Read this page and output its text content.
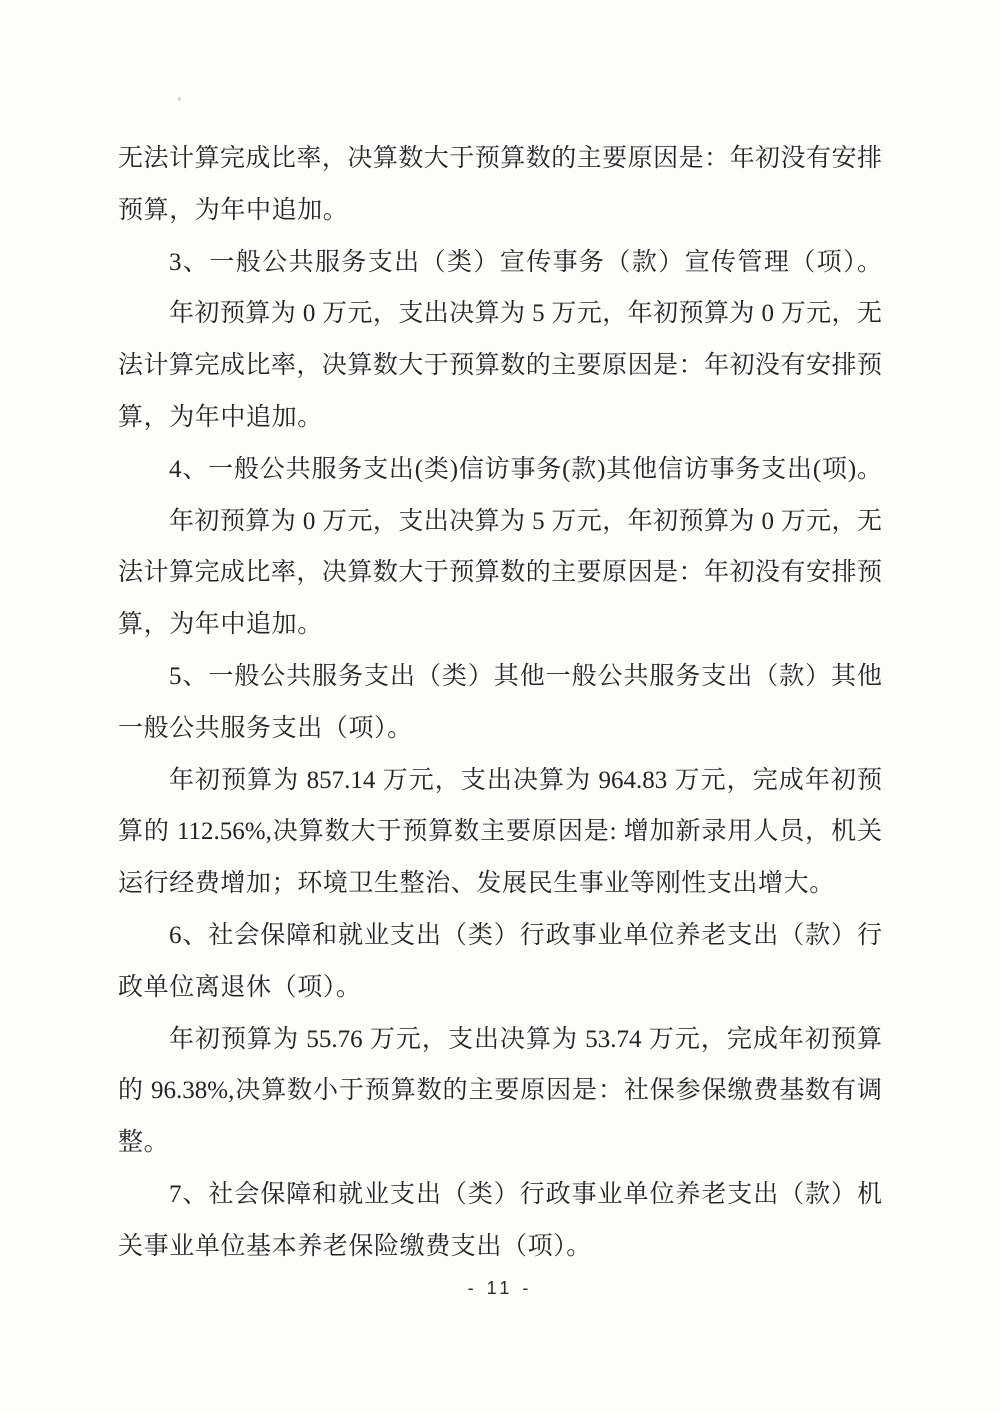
无法计算完成比率，决算数大于预算数的主要原因是：年初没有安排
预算，为年中追加。
3、一般公共服务支出（类）宣传事务（款）宣传管理（项）。
年初预算为 0 万元，支出决算为 5 万元，年初预算为 0 万元，无
法计算完成比率，决算数大于预算数的主要原因是：年初没有安排预
算，为年中追加。
4、一般公共服务支出(类)信访事务(款)其他信访事务支出(项)。
年初预算为 0 万元，支出决算为 5 万元，年初预算为 0 万元，无
法计算完成比率，决算数大于预算数的主要原因是：年初没有安排预
算，为年中追加。
5、一般公共服务支出（类）其他一般公共服务支出（款）其他
一般公共服务支出（项）。
年初预算为 857.14 万元，支出决算为 964.83 万元，完成年初预
算的 112.56%,决算数大于预算数主要原因是: 增加新录用人员，机关
运行经费增加；环境卫生整治、发展民生事业等刚性支出增大。
6、社会保障和就业支出（类）行政事业单位养老支出（款）行
政单位离退休（项）。
年初预算为 55.76 万元，支出决算为 53.74 万元，完成年初预算
的 96.38%,决算数小于预算数的主要原因是：社保参保缴费基数有调
整。
7、社会保障和就业支出（类）行政事业单位养老支出（款）机
关事业单位基本养老保险缴费支出（项）。
- 11 -
